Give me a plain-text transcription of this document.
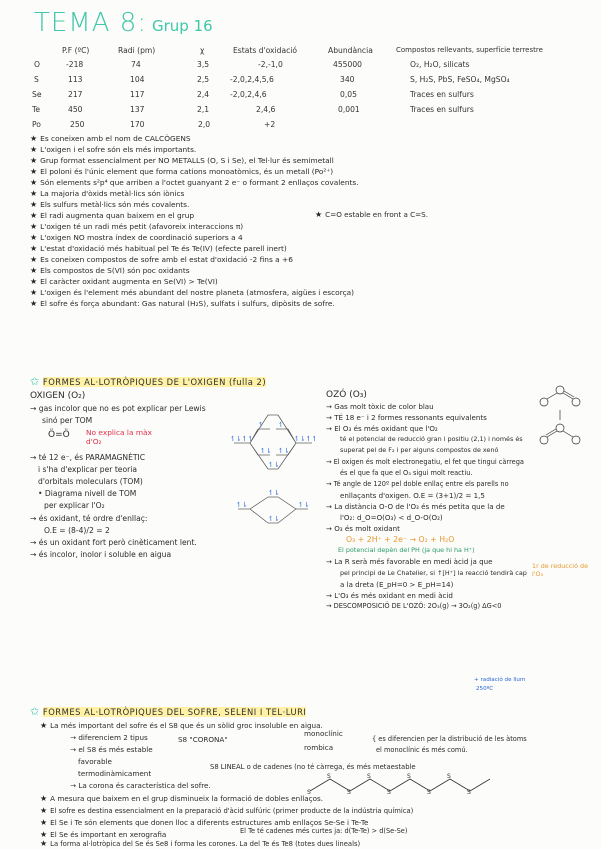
TEMA 8: Grup 16
P.F (ºC)	Radi (pm)	χ	Estats d'oxidació	Abundància	Compostos rellevants, superfície terrestre
O	-218	74	3,5	-2,-1,0	455000	O₂, H₂O, silicats
S	113	104	2,5	-2,0,2,4,5,6	340	S, H₂S, PbS, FeSO₄, MgSO₄
Se	217	117	2,4	-2,0,2,4,6	0,05	Traces en sulfurs
Te	450	137	2,1	2,4,6	0,001	Traces en sulfurs
Po	250	170	2,0	+2
★ Es coneixen amb el nom de CALCÒGENS
★ L'oxigen i el sofre són els més importants.
★ Grup format essencialment per NO METALLS (O, S i Se), el Tel·lur és semimetall
★ El poloni és l'únic element que forma cations monoatòmics, és un metall (Po²⁺)
★ Són elements s²p⁴ que arriben a l'octet guanyant 2 e⁻ o formant 2 enllaços covalents.
★ La majoria d'òxids metàl·lics són iònics
★ Els sulfurs metàl·lics són més covalents.
★ El radi augmenta quan baixem en el grup
★ L'oxigen té un radi més petit (afavoreix interaccions π)
★ L'oxigen NO mostra índex de coordinació superiors a 4
★ L'estat d'oxidació més habitual pel Te és Te(IV) (efecte parell inert)
★ Es coneixen compostos de sofre amb el estat d'oxidació -2 fins a +6
★ Els compostos de S(VI) són poc oxidants
★ El caràcter oxidant augmenta en Se(VI) > Te(VI)
★ L'oxigen és l'element més abundant del nostre planeta (atmosfera, aigües i escorça)
★ El sofre és força abundant: Gas natural (H₂S), sulfats i sulfurs, dipòsits de sofre.
★ C=O estable en front a C=S.
✩ FORMES AL·LOTRÒPIQUES DE L'OXIGEN (fulla 2)
OXIGEN (O₂)
→ gas incolor que no es pot explicar per Lewis
sinó per TOM
→ té 12 e⁻, és PARAMAGNÈTIC
i s'ha d'explicar per teoria
d'orbitals moleculars (TOM)
• Diagrama nivell de TOM
per explicar l'O₂
→ és oxidant, té ordre d'enllaç:
O.E = (8-4)/2 = 2
→ és un oxidant fort però cinèticament lent.
→ és incolor, inolor i soluble en aigua
No explica la màx d'O₂
Ö=Ö	↿⇂↿↿	↿⇂↿↿
↿ ↿
↿⇂ ↿⇂
↿⇂
↿⇂	↿⇂
↿⇂
↿⇂
OZÓ (O₃)
→ Gas molt tòxic de color blau
→ TÉ 18 e⁻ i 2 formes ressonants equivalents
→ El O₃ és més oxidant que l'O₂
té el potencial de reducció gran i positiu (2,1) i només és
superat pel de F₂ i per alguns compostos de xenó
→ El oxigen és molt electronegatiu, el fet que tingui càrrega
és el que fa que el O₃ sigui molt reactiu.
→ Té angle de 120º pel doble enllaç entre els parells no
enllaçants d'oxigen. O.E = (3+1)/2 = 1,5
→ La distància O-O de l'O₃ és més petita que la de
l'O₂: d_O=O(O₃) < d_O-O(O₂)
→ O₃ és molt oxidant
O₃ + 2H⁺ + 2e⁻ → O₂ + H₂O
El potencial depèn del PH (ja que hi ha H⁺)
→ La R serà més favorable en medi àcid ja que
pel principi de Le Chatelier, si ↑[H⁺] la reacció tendirà cap
a la dreta (E_pH=0 > E_pH=14)
→ L'O₃ és més oxidant en medi àcid
→ DESCOMPOSICIÓ DE L'OZÓ: 2O₃(g) → 3O₂(g) ΔG<0
1r de reducció de l'O₃
+ radiació de llum
250ºC
✩ FORMES AL·LOTRÒPIQUES DEL SOFRE, SELENI I TEL·LURI
★ La més important del sofre és el S8 que és un sòlid groc insoluble en aigua.
→ diferenciem 2 tipus
→ el S8 és més estable
favorable
termodinàmicament
→ La corona és característica del sofre.
S8 "CORONA"
monoclínic
rombica
{ es diferencien per la distribució de les àtoms
el monoclínic és més comú.
S8 LINEAL o de cadenes (no té càrrega, és més metaestable
S
S
S
S
S
S
S
S
S
★ A mesura que baixem en el grup disminueix la formació de dobles enllaços.
★ El sofre es destina essencialment en la preparació d'àcid sulfúric (primer producte de la indústria química)
★ El Se i Te són elements que donen lloc a diferents estructures amb enllaços Se-Se i Te-Te
★ El Se és important en xerografia	El Te té cadenes més curtes ja: d(Te-Te) > d(Se-Se)
★ La forma al·lotròpica del Se és Se8 i forma les corones. La del Te és Te8 (totes dues lineals)
